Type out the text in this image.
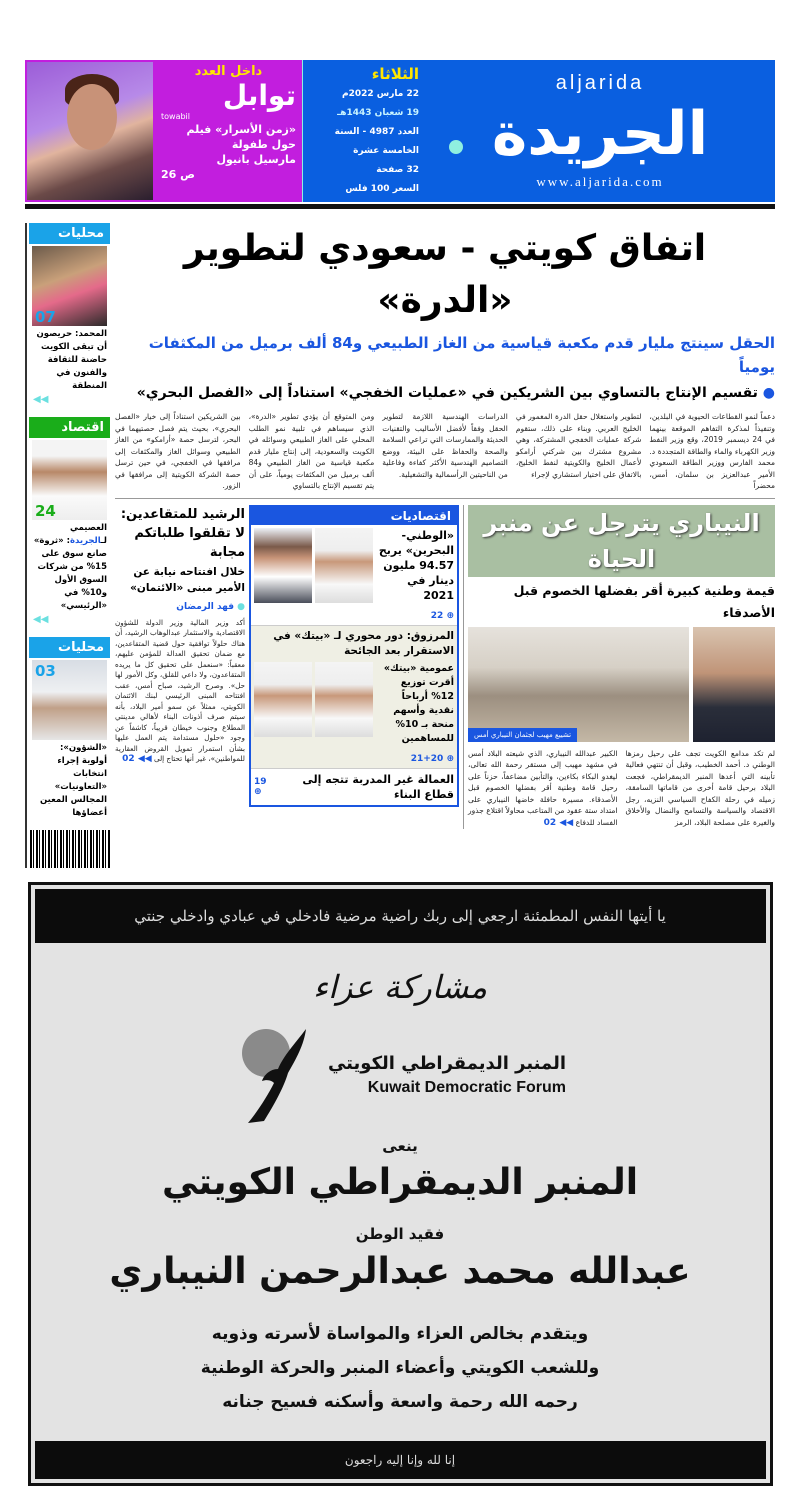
aljarida
الجريدة
www.aljarida.com
الثلاثاء
22 مارس 2022م
19 شعبان 1443هـ
العدد 4987 - السنة الخامسة عشرة
32 صفحة
السعر 100 فلس
داخل العدد
توابل
towabil
«زمن الأسرار» فيلم حول طفولة
مارسيل بانيول
ص 26
اتفاق كويتي - سعودي لتطوير «الدرة»
الحقل سينتج مليار قدم مكعبة قياسية من الغاز الطبيعي و84 ألف برميل من المكثفات يومياً
● تقسيم الإنتاج بالتساوي بين الشريكين في «عمليات الخفجي» استناداً إلى «الفصل البحري»
دعماً لنمو القطاعات الحيوية في البلدين، وتنفيذاً لمذكرة التفاهم الموقعة بينهما في 24 ديسمبر 2019، وقع وزير النفط وزير الكهرباء والماء والطاقة المتجددة د. محمد الفارس ووزير الطاقة السعودي الأمير عبدالعزيز بن سلمان، أمس، محضراً
لتطوير واستغلال حقل الدرة المغمور في الخليج العربي. وبناء على ذلك، ستقوم شركة عمليات الخفجي المشتركة، وهي مشروع مشترك بين شركتي أرامكو لأعمال الخليج والكويتية لنفط الخليج، بالاتفاق على اختيار استشاري لإجراء
الدراسات الهندسية اللازمة لتطوير الحقل وفقاً لأفضل الأساليب والتقنيات الحديثة والممارسات التي تراعي السلامة والصحة والحفاظ على البيئة، ووضع التصاميم الهندسية الأكثر كفاءة وفاعلية من الناحيتين الرأسمالية والتشغيلية.
ومن المتوقع أن يؤدي تطوير «الدرة»، الذي سيساهم في تلبية نمو الطلب المحلي على الغاز الطبيعي وسوائله في الكويت والسعودية، إلى إنتاج مليار قدم مكعبة قياسية من الغاز الطبيعي و84 ألف برميل من المكثفات يومياً، على أن يتم تقسيم الإنتاج بالتساوي
بين الشريكين استناداً إلى خيار «الفصل البحري»، بحيث يتم فصل حصتيهما في البحر، لترسل حصة «أرامكو» من الغاز الطبيعي وسوائل الغاز والمكثفات إلى مرافقها في الخفجي، في حين ترسل حصة الشركة الكويتية إلى مرافقها في الزور.
النيباري يترجل عن منبر الحياة
قيمة وطنية كبيرة أقر بفضلها الخصوم قبل الأصدقاء
تشييع مهيب لجثمان النيباري أمس
لم تكد مدامع الكويت تجف على رحيل رمزها الوطني د. أحمد الخطيب، وقبل أن تنتهي فعالية تأبينه التي أعدها المنبر الديمقراطي، فجعت البلاد برحيل قامة أخرى من قاماتها السامقة، زميله في رحلة الكفاح السياسي النزيه، رجل الاقتصاد والسياسة والتسامح والنضال والأخلاق والغيرة على مصلحة البلاد، الرمز
الكبير عبدالله النيباري، الذي شيعته البلاد أمس في مشهد مهيب إلى مستقر رحمة الله تعالى، ليغدو البكاء بكاءين، والتأبين مضاعفاً، حزناً على رحيل قامة وطنية أقر بفضلها الخصوم قبل الأصدقاء. مسيرة حافلة خاضها النيباري على امتداد ستة عقود من المتاعب محاولاً اقتلاع جذور الفساد للدفاع 02 ◀◀
اقتصاديات
«الوطني- البحرين» يربح 94.57 مليون دينار في 2021
22 ⊕
المرزوق: دور محوري لـ «بيتك» في الاستقرار بعد الجائحة
عمومية «بيتك» أقرت توزيع 12% أرباحاً نقدية وأسهم منحة بـ 10% للمساهمين
21+20 ⊕
العمالة غير المدربة تتجه إلى قطاع البناء
19 ⊕
الرشيد للمتقاعدين: لا تقلقوا طلباتكم مجابة
خلال افتتاحه نيابة عن الأمير مبنى «الائتمان»
● فهد الرمضان
أكد وزير المالية وزير الدولة للشؤون الاقتصادية والاستثمار عبدالوهاب الرشيد، أن هناك حلولاً توافقية حول قضية المتقاعدين، مع ضمان تحقيق العدالة للمؤمن عليهم، معقباً: «سنعمل على تحقيق كل ما يريده المتقاعدون، ولا داعي للقلق، وكل الأمور لها حل». وصرح الرشيد، صباح أمس، عقب افتتاحه المبنى الرئيسي لبنك الائتمان الكويتي، ممثلاً عن سمو أمير البلاد، بأنه سيتم صرف أذونات البناء لأهالي مدينتي المطلاع وجنوب خيطان قريباً، كاشفاً عن وجود «حلول مستدامة يتم العمل عليها بشأن استمرار تمويل القروض العقارية للمواطنين»، غير أنها تحتاج إلى 02 ◀◀
محليات
07
المحمد: حريصون أن تبقى الكويت حاضنة للثقافة والفنون في المنطقة
◀◀
اقتصاد
24
العصيمي لـالجريدة: «ثروة» صانع سوق على 15% من شركات السوق الأول و10% في «الرئيسي»
◀◀
محليات
03
«الشؤون»: أولوية إجراء انتخابات «التعاونيات» المجالس المعين أعضاؤها
يا أيتها النفس المطمئنة ارجعي إلى ربك راضية مرضية فادخلي في عبادي وادخلي جنتي
مشاركة عزاء
المنبر الديمقراطي الكويتي
Kuwait Democratic Forum
ينعى
المنبر الديمقراطي الكويتي
فقيد الوطن
عبدالله محمد عبدالرحمن النيباري
ويتقدم بخالص العزاء والمواساة لأسرته وذويه
وللشعب الكويتي وأعضاء المنبر والحركة الوطنية
رحمه الله رحمة واسعة وأسكنه فسيح جنانه
إنا لله وإنا إليه راجعون
